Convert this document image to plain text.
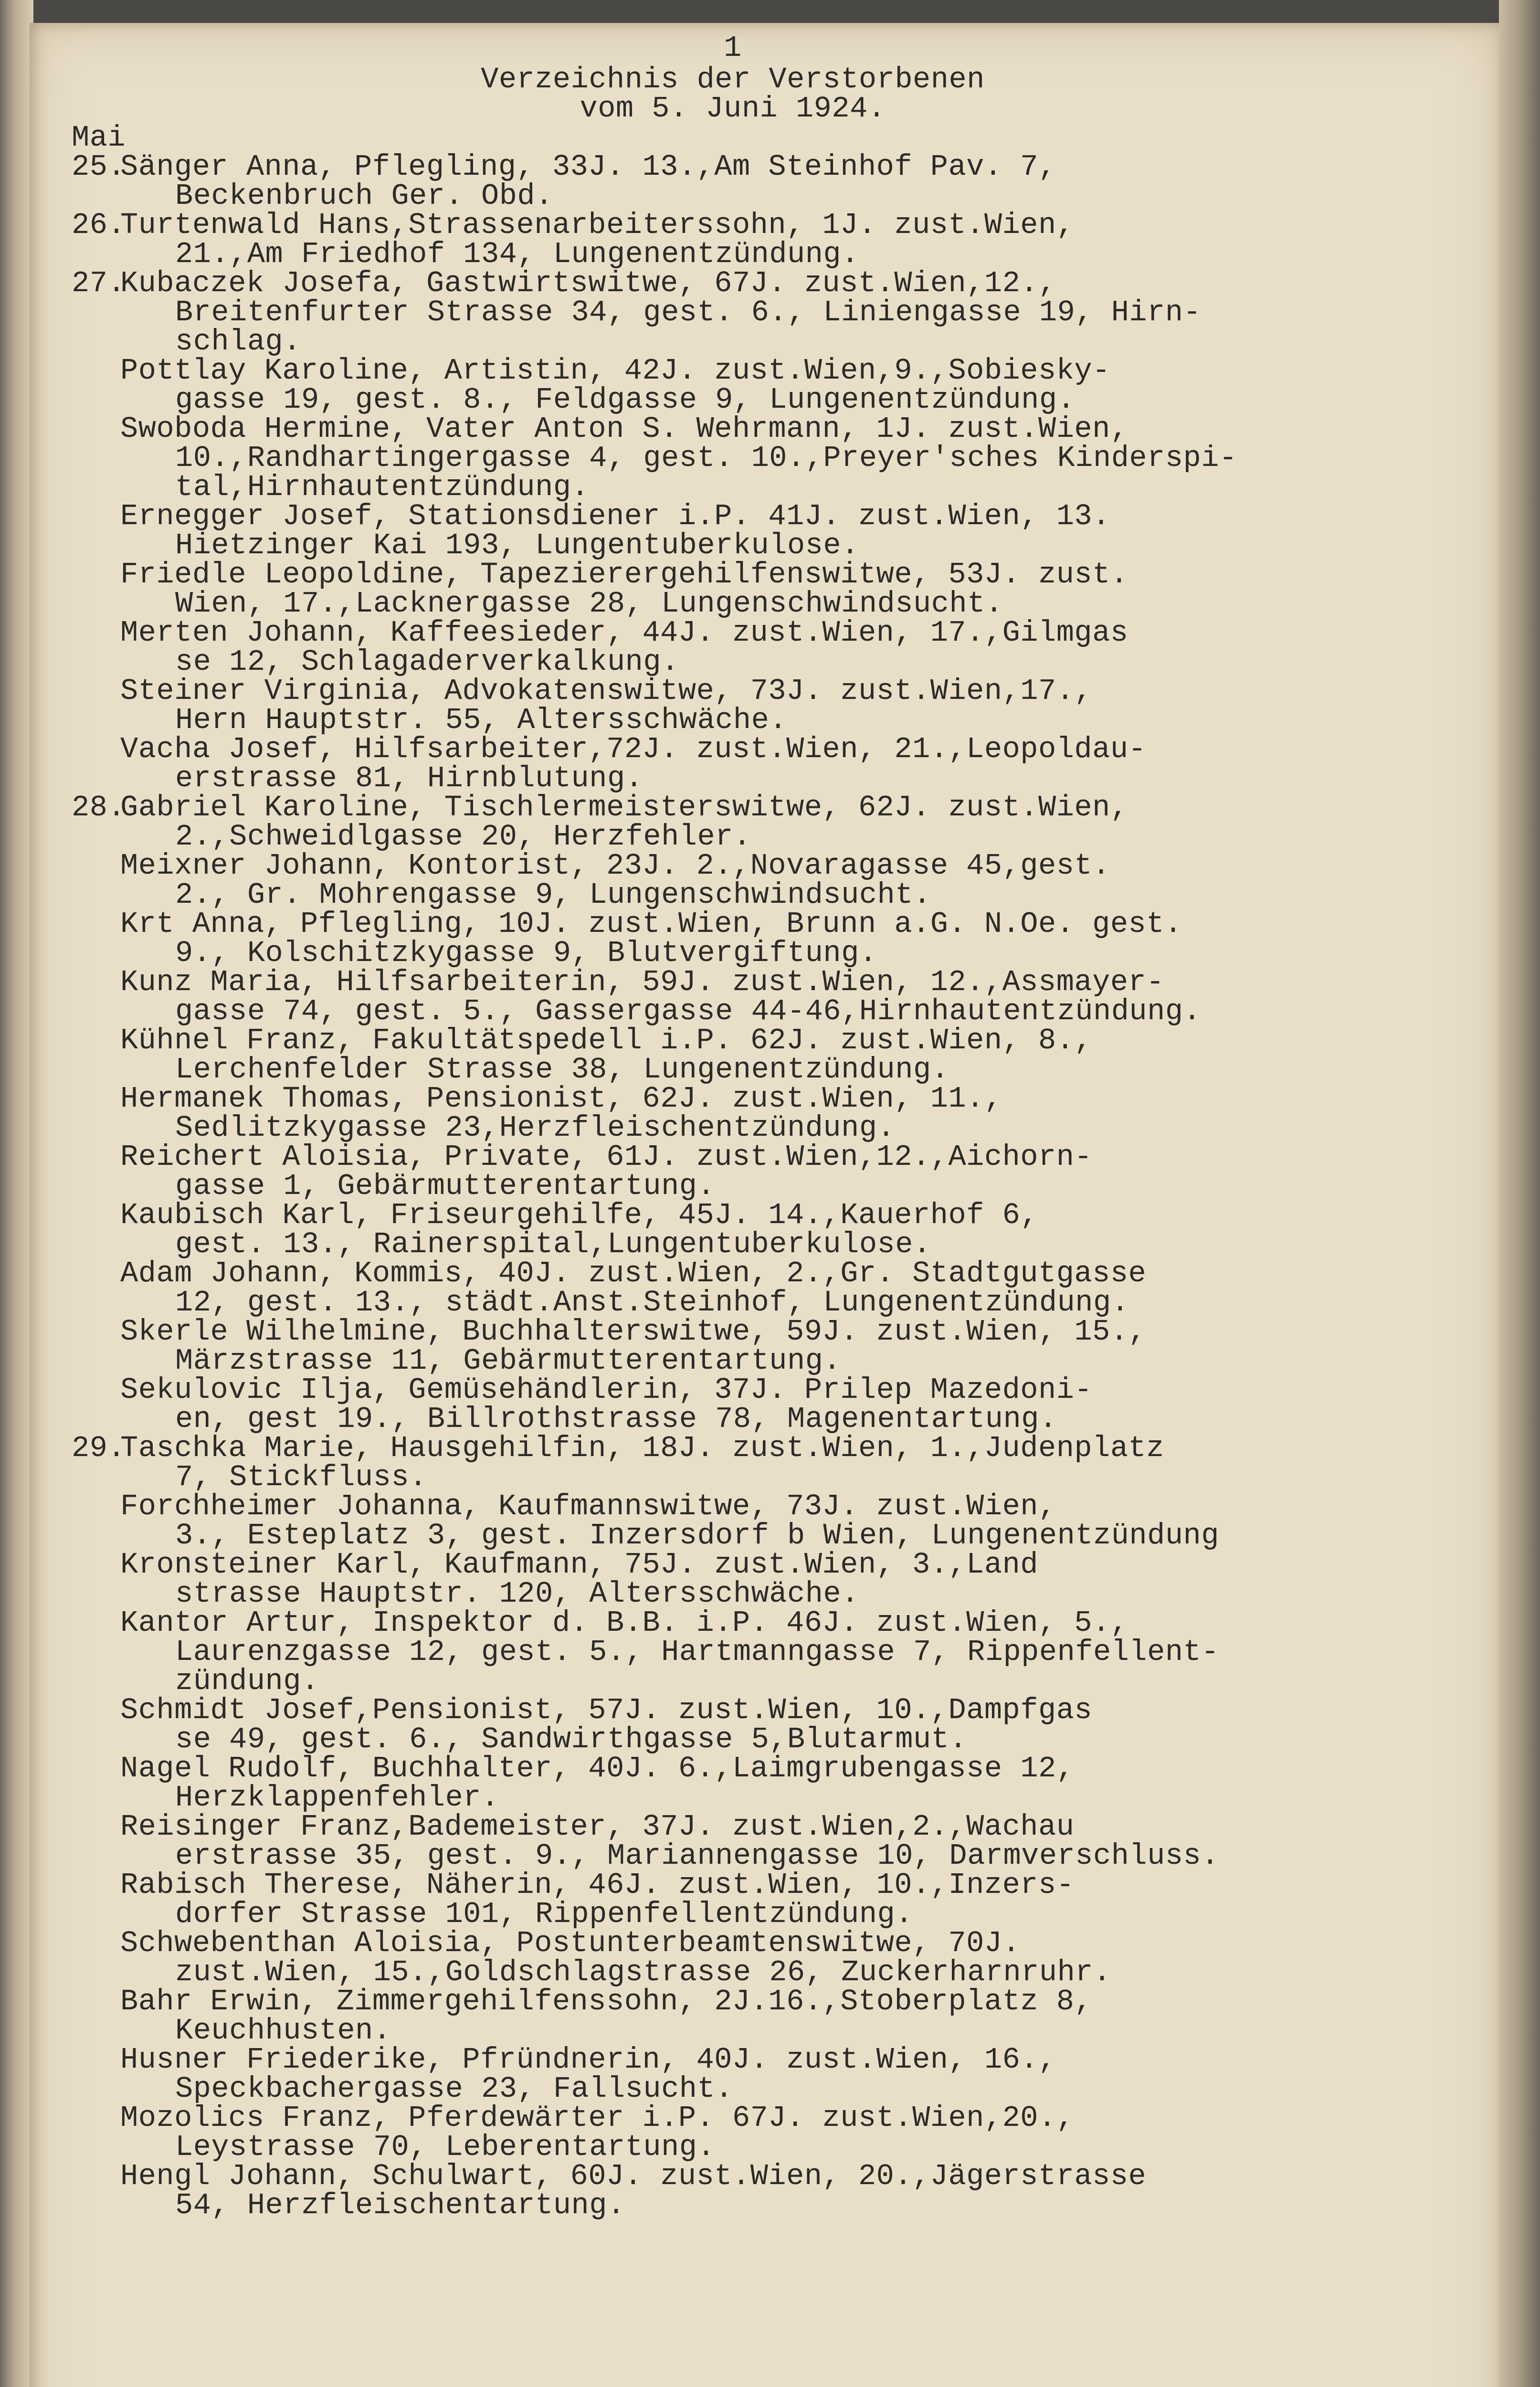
1
Verzeichnis der Verstorbenen
vom 5. Juni 1924.
Mai
25.
Sänger Anna, Pflegling, 33J. 13.,Am Steinhof Pav. 7,
Beckenbruch Ger. Obd.
26.
Turtenwald Hans,Strassenarbeiterssohn, 1J. zust.Wien,
21.,Am Friedhof 134, Lungenentzündung.
27.
Kubaczek Josefa, Gastwirtswitwe, 67J. zust.Wien,12.,
Breitenfurter Strasse 34, gest. 6., Liniengasse 19, Hirn-
schlag.
Pottlay Karoline, Artistin, 42J. zust.Wien,9.,Sobiesky-
gasse 19, gest. 8., Feldgasse 9, Lungenentzündung.
Swoboda Hermine, Vater Anton S. Wehrmann, 1J. zust.Wien,
10.,Randhartingergasse 4, gest. 10.,Preyer'sches Kinderspi-
tal,Hirnhautentzündung.
Ernegger Josef, Stationsdiener i.P. 41J. zust.Wien, 13.
Hietzinger Kai 193, Lungentuberkulose.
Friedle Leopoldine, Tapezierergehilfenswitwe, 53J. zust.
Wien, 17.,Lacknergasse 28, Lungenschwindsucht.
Merten Johann, Kaffeesieder, 44J. zust.Wien, 17.,Gilmgas
se 12, Schlagaderverkalkung.
Steiner Virginia, Advokatenswitwe, 73J. zust.Wien,17.,
Hern Hauptstr. 55, Altersschwäche.
Vacha Josef, Hilfsarbeiter,72J. zust.Wien, 21.,Leopoldau-
erstrasse 81, Hirnblutung.
28.
Gabriel Karoline, Tischlermeisterswitwe, 62J. zust.Wien,
2.,Schweidlgasse 20, Herzfehler.
Meixner Johann, Kontorist, 23J. 2.,Novaragasse 45,gest.
2., Gr. Mohrengasse 9, Lungenschwindsucht.
Krt Anna, Pflegling, 10J. zust.Wien, Brunn a.G. N.Oe. gest.
9., Kolschitzkygasse 9, Blutvergiftung.
Kunz Maria, Hilfsarbeiterin, 59J. zust.Wien, 12.,Assmayer-
gasse 74, gest. 5., Gassergasse 44-46,Hirnhautentzündung.
Kühnel Franz, Fakultätspedell i.P. 62J. zust.Wien, 8.,
Lerchenfelder Strasse 38, Lungenentzündung.
Hermanek Thomas, Pensionist, 62J. zust.Wien, 11.,
Sedlitzkygasse 23,Herzfleischentzündung.
Reichert Aloisia, Private, 61J. zust.Wien,12.,Aichorn-
gasse 1, Gebärmutterentartung.
Kaubisch Karl, Friseurgehilfe, 45J. 14.,Kauerhof 6,
gest. 13., Rainerspital,Lungentuberkulose.
Adam Johann, Kommis, 40J. zust.Wien, 2.,Gr. Stadtgutgasse
12, gest. 13., städt.Anst.Steinhof, Lungenentzündung.
Skerle Wilhelmine, Buchhalterswitwe, 59J. zust.Wien, 15.,
Märzstrasse 11, Gebärmutterentartung.
Sekulovic Ilja, Gemüsehändlerin, 37J. Prilep Mazedoni-
en, gest 19., Billrothstrasse 78, Magenentartung.
29.
Taschka Marie, Hausgehilfin, 18J. zust.Wien, 1.,Judenplatz
7, Stickfluss.
Forchheimer Johanna, Kaufmannswitwe, 73J. zust.Wien,
3., Esteplatz 3, gest. Inzersdorf b Wien, Lungenentzündung
Kronsteiner Karl, Kaufmann, 75J. zust.Wien, 3.,Land
strasse Hauptstr. 120, Altersschwäche.
Kantor Artur, Inspektor d. B.B. i.P. 46J. zust.Wien, 5.,
Laurenzgasse 12, gest. 5., Hartmanngasse 7, Rippenfellent-
zündung.
Schmidt Josef,Pensionist, 57J. zust.Wien, 10.,Dampfgas
se 49, gest. 6., Sandwirthgasse 5,Blutarmut.
Nagel Rudolf, Buchhalter, 40J. 6.,Laimgrubengasse 12,
Herzklappenfehler.
Reisinger Franz,Bademeister, 37J. zust.Wien,2.,Wachau
erstrasse 35, gest. 9., Mariannengasse 10, Darmverschluss.
Rabisch Therese, Näherin, 46J. zust.Wien, 10.,Inzers-
dorfer Strasse 101, Rippenfellentzündung.
Schwebenthan Aloisia, Postunterbeamtenswitwe, 70J.
zust.Wien, 15.,Goldschlagstrasse 26, Zuckerharnruhr.
Bahr Erwin, Zimmergehilfenssohn, 2J.16.,Stoberplatz 8,
Keuchhusten.
Husner Friederike, Pfründnerin, 40J. zust.Wien, 16.,
Speckbachergasse 23, Fallsucht.
Mozolics Franz, Pferdewärter i.P. 67J. zust.Wien,20.,
Leystrasse 70, Leberentartung.
Hengl Johann, Schulwart, 60J. zust.Wien, 20.,Jägerstrasse
54, Herzfleischentartung.
